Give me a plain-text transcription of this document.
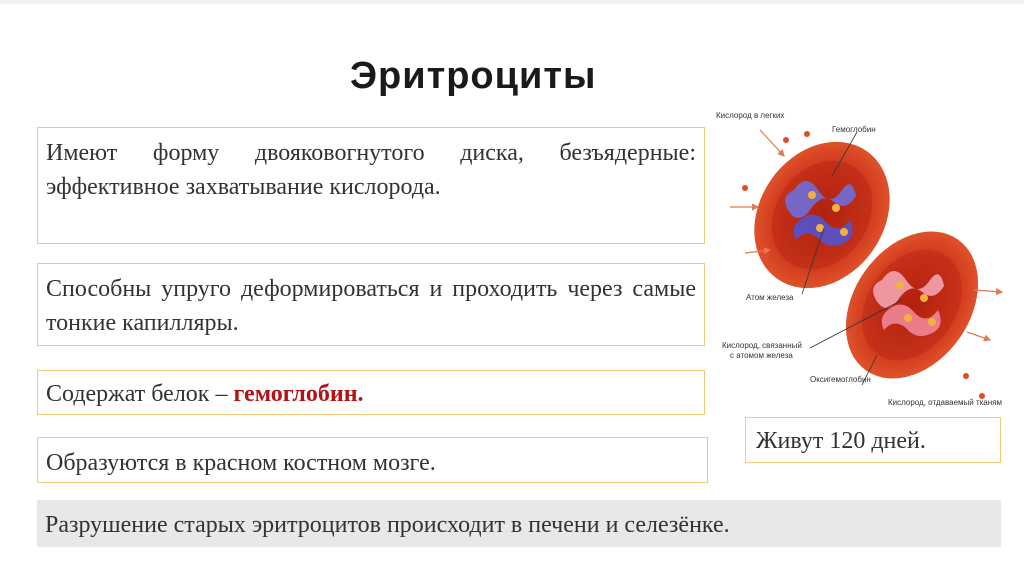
Эритроциты
Имеют форму двояковогнутого диска, безъядерные: эффективное захватывание кислорода.
Способны упруго деформироваться и проходить через самые тонкие капилляры.
Содержат белок – гемоглобин.
Образуются в красном костном мозге.
Живут 120 дней.
Разрушение старых эритроцитов происходит в печени и селезёнке.
Кислород в легких
Гемоглобин
Атом железа
Кислород, связанный
с атомом железа
Оксигемоглобин
Кислород, отдаваемый тканям
